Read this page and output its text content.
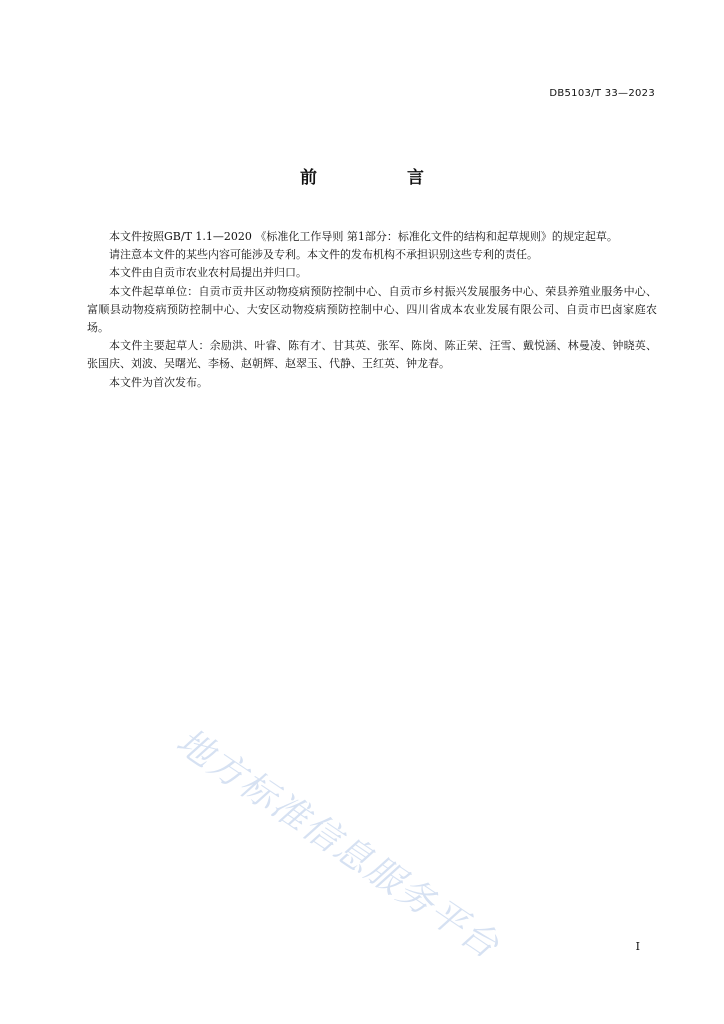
DB5103/T 33—2023
前 言

本文件按照GB/T 1.1—2020 《标准化工作导则 第1部分：标准化文件的结构和起草规则》的规定起草。

请注意本文件的某些内容可能涉及专利。本文件的发布机构不承担识别这些专利的责任。

本文件由自贡市农业农村局提出并归口。

本文件起草单位：自贡市贡井区动物疫病预防控制中心、自贡市乡村振兴发展服务中心、荣县养殖业服务中心、富顺县动物疫病预防控制中心、大安区动物疫病预防控制中心、四川省成本农业发展有限公司、自贡市巴卤家庭农场。

本文件主要起草人：余励洪、叶睿、陈有才、甘其英、张军、陈岗、陈正荣、汪雪、戴悦涵、林曼凌、钟晓英、张国庆、刘波、吴曙光、李杨、赵朝辉、赵翠玉、代静、王红英、钟龙春。

本文件为首次发布。

地方标准信息服务平台	I
